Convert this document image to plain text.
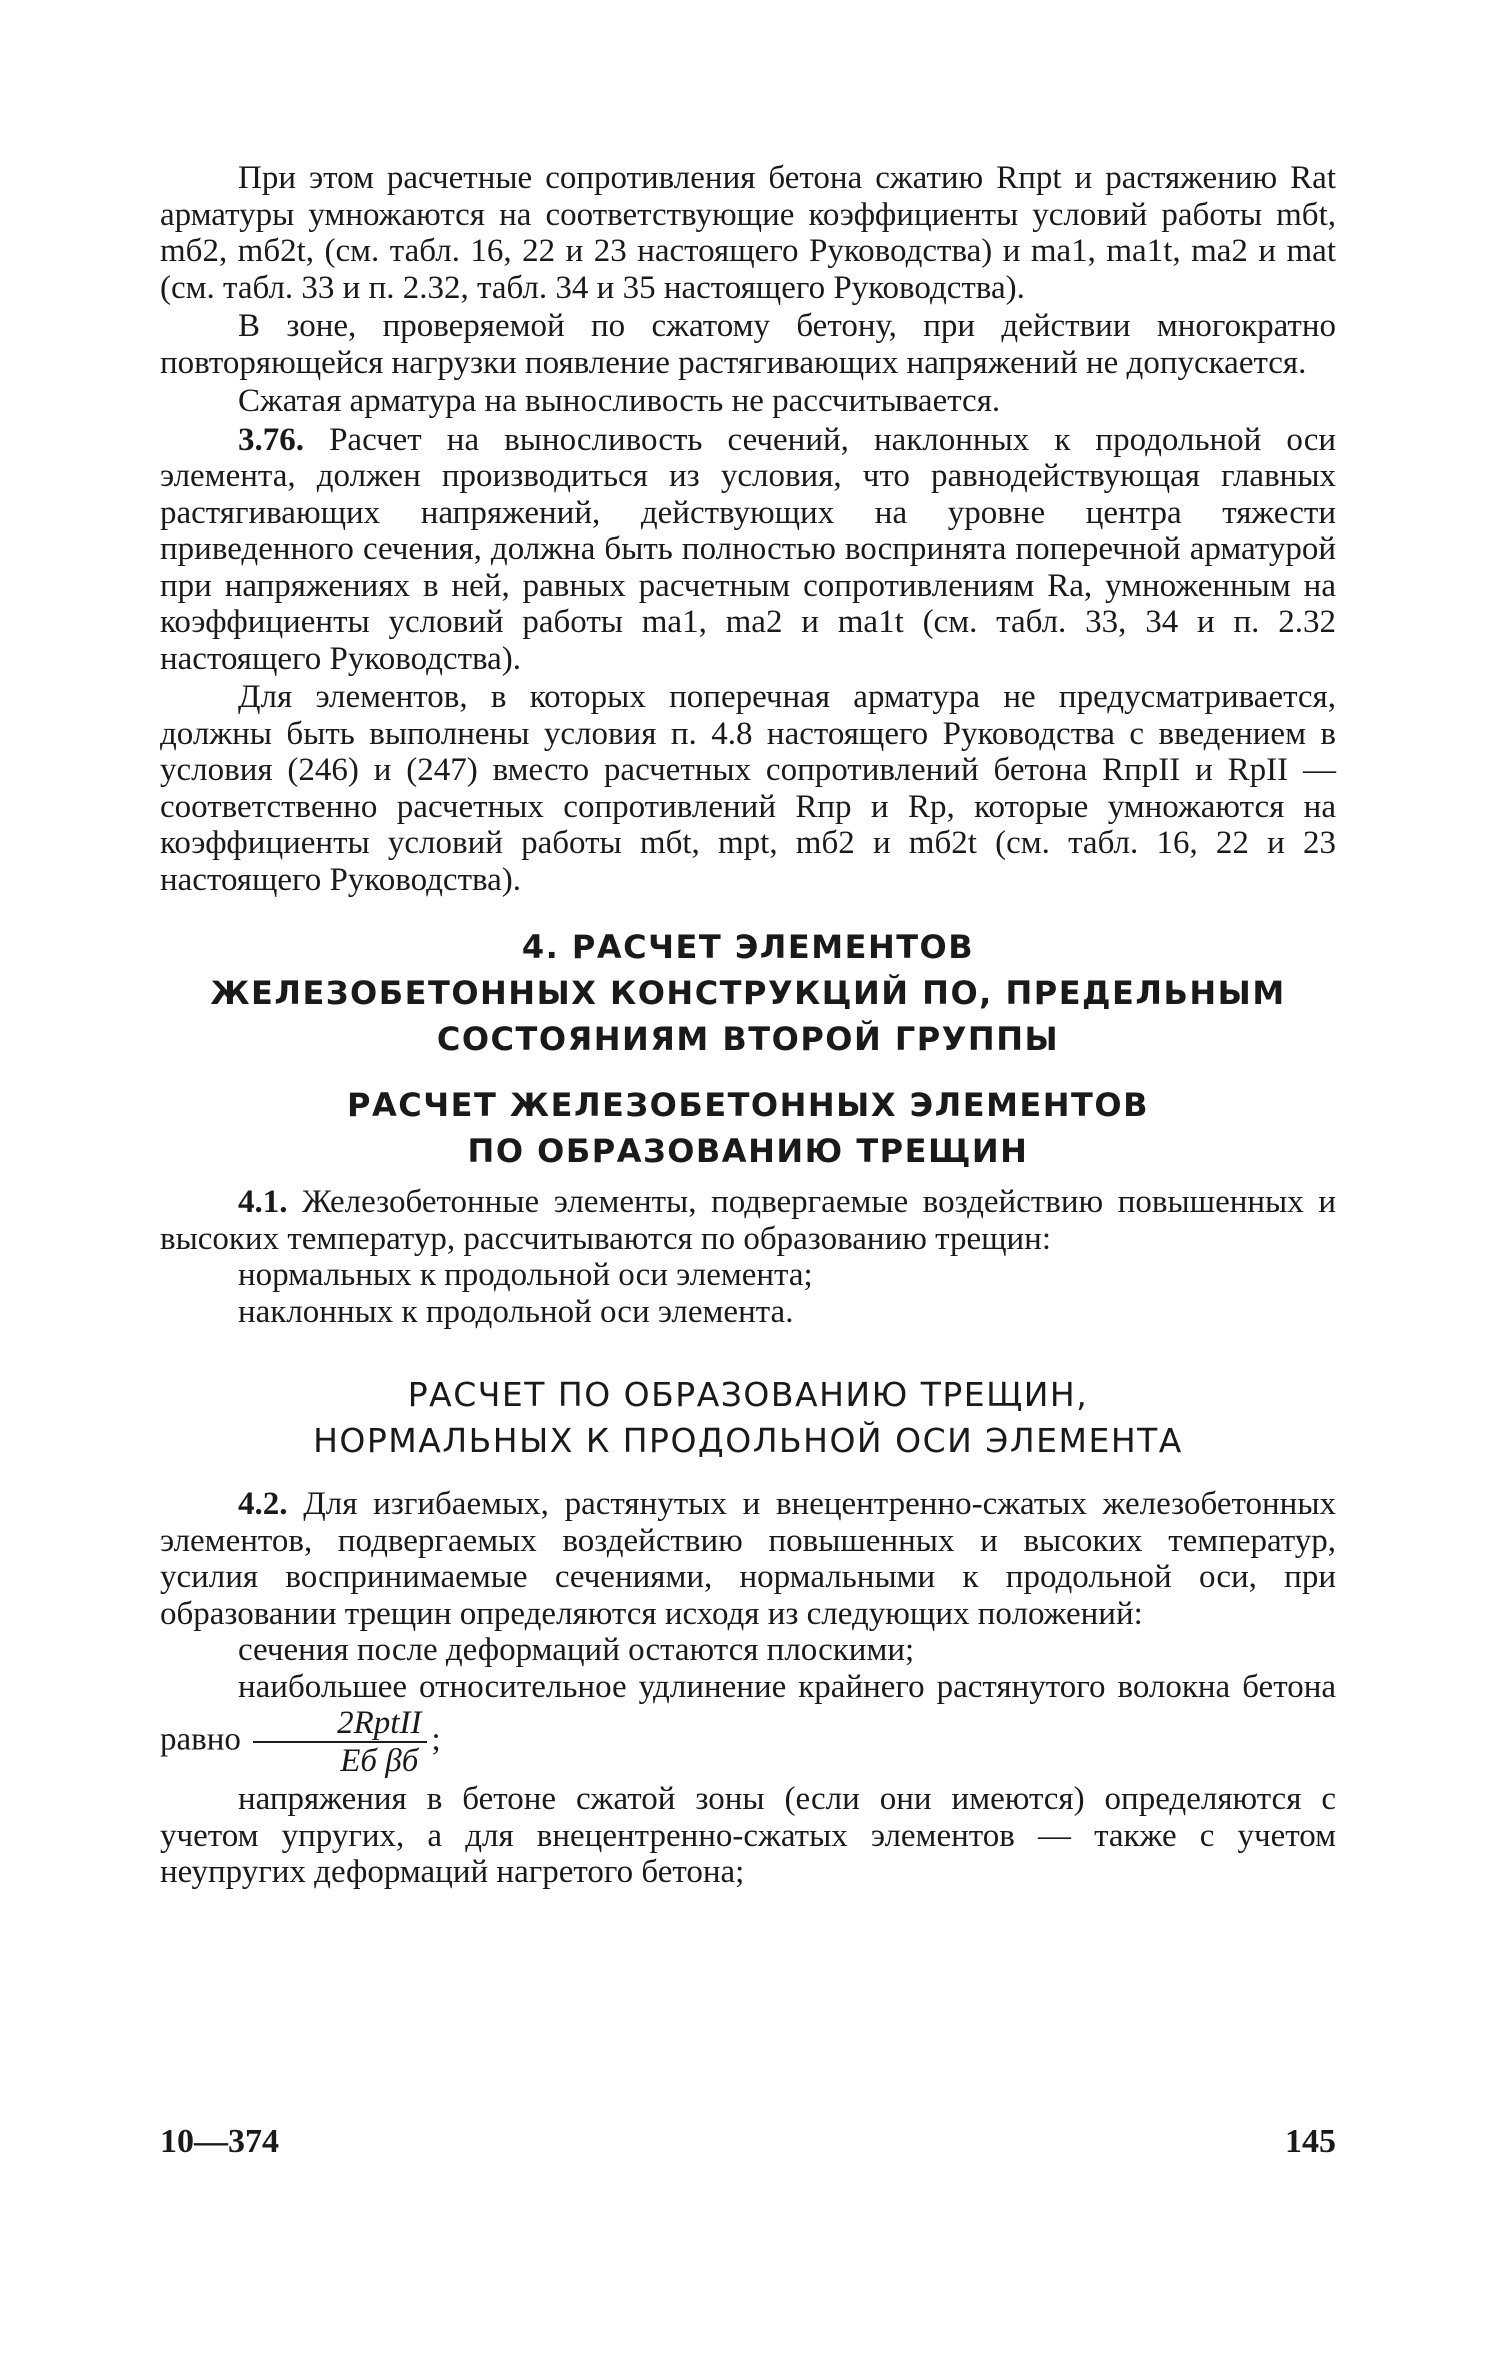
При этом расчетные сопротивления бетона сжатию Rпрt и растяжению Rat арматуры умножаются на соответствующие коэффициенты условий работы mбt, mб2, mб2t, (см. табл. 16, 22 и 23 настоящего Руководства) и ma1, ma1t, ma2 и mat (см. табл. 33 и п. 2.32, табл. 34 и 35 настоящего Руководства).

В зоне, проверяемой по сжатому бетону, при действии многократно повторяющейся нагрузки появление растягивающих напряжений не допускается.

Сжатая арматура на выносливость не рассчитывается.

3.76. Расчет на выносливость сечений, наклонных к продольной оси элемента, должен производиться из условия, что равнодействующая главных растягивающих напряжений, действующих на уровне центра тяжести приведенного сечения, должна быть полностью воспринята поперечной арматурой при напряжениях в ней, равных расчетным сопротивлениям Ra, умноженным на коэффициенты условий работы ma1, ma2 и ma1t (см. табл. 33, 34 и п. 2.32 настоящего Руководства).

Для элементов, в которых поперечная арматура не предусматривается, должны быть выполнены условия п. 4.8 настоящего Руководства с введением в условия (246) и (247) вместо расчетных сопротивлений бетона RпрII и RpII — соответственно расчетных сопротивлений Rпр и Rp, которые умножаются на коэффициенты условий работы mбt, mpt, mб2 и mб2t (см. табл. 16, 22 и 23 настоящего Руководства).

4. РАСЧЕТ ЭЛЕМЕНТОВ

ЖЕЛЕЗОБЕТОННЫХ КОНСТРУКЦИЙ ПО, ПРЕДЕЛЬНЫМ

СОСТОЯНИЯМ ВТОРОЙ ГРУППЫ

РАСЧЕТ ЖЕЛЕЗОБЕТОННЫХ ЭЛЕМЕНТОВ

ПО ОБРАЗОВАНИЮ ТРЕЩИН

4.1. Железобетонные элементы, подвергаемые воздействию повышенных и высоких температур, рассчитываются по образованию трещин:

нормальных к продольной оси элемента;

наклонных к продольной оси элемента.

РАСЧЕТ ПО ОБРАЗОВАНИЮ ТРЕЩИН,

НОРМАЛЬНЫХ К ПРОДОЛЬНОЙ ОСИ ЭЛЕМЕНТА

4.2. Для изгибаемых, растянутых и внецентренно-сжатых железобетонных элементов, подвергаемых воздействию повышенных и высоких температур, усилия воспринимаемые сечениями, нормальными к продольной оси, при образовании трещин определяются исходя из следующих положений:

сечения после деформаций остаются плоскими;

наибольшее относительное удлинение крайнего растянутого волокна бетона равно $\frac{\text{2RptII}}{\text{Eб βб}}$ ;

напряжения в бетоне сжатой зоны (если они имеются) определяются с учетом упругих, а для внецентренно-сжатых элементов — также с учетом неупругих деформаций нагретого бетона;

10—374	145
